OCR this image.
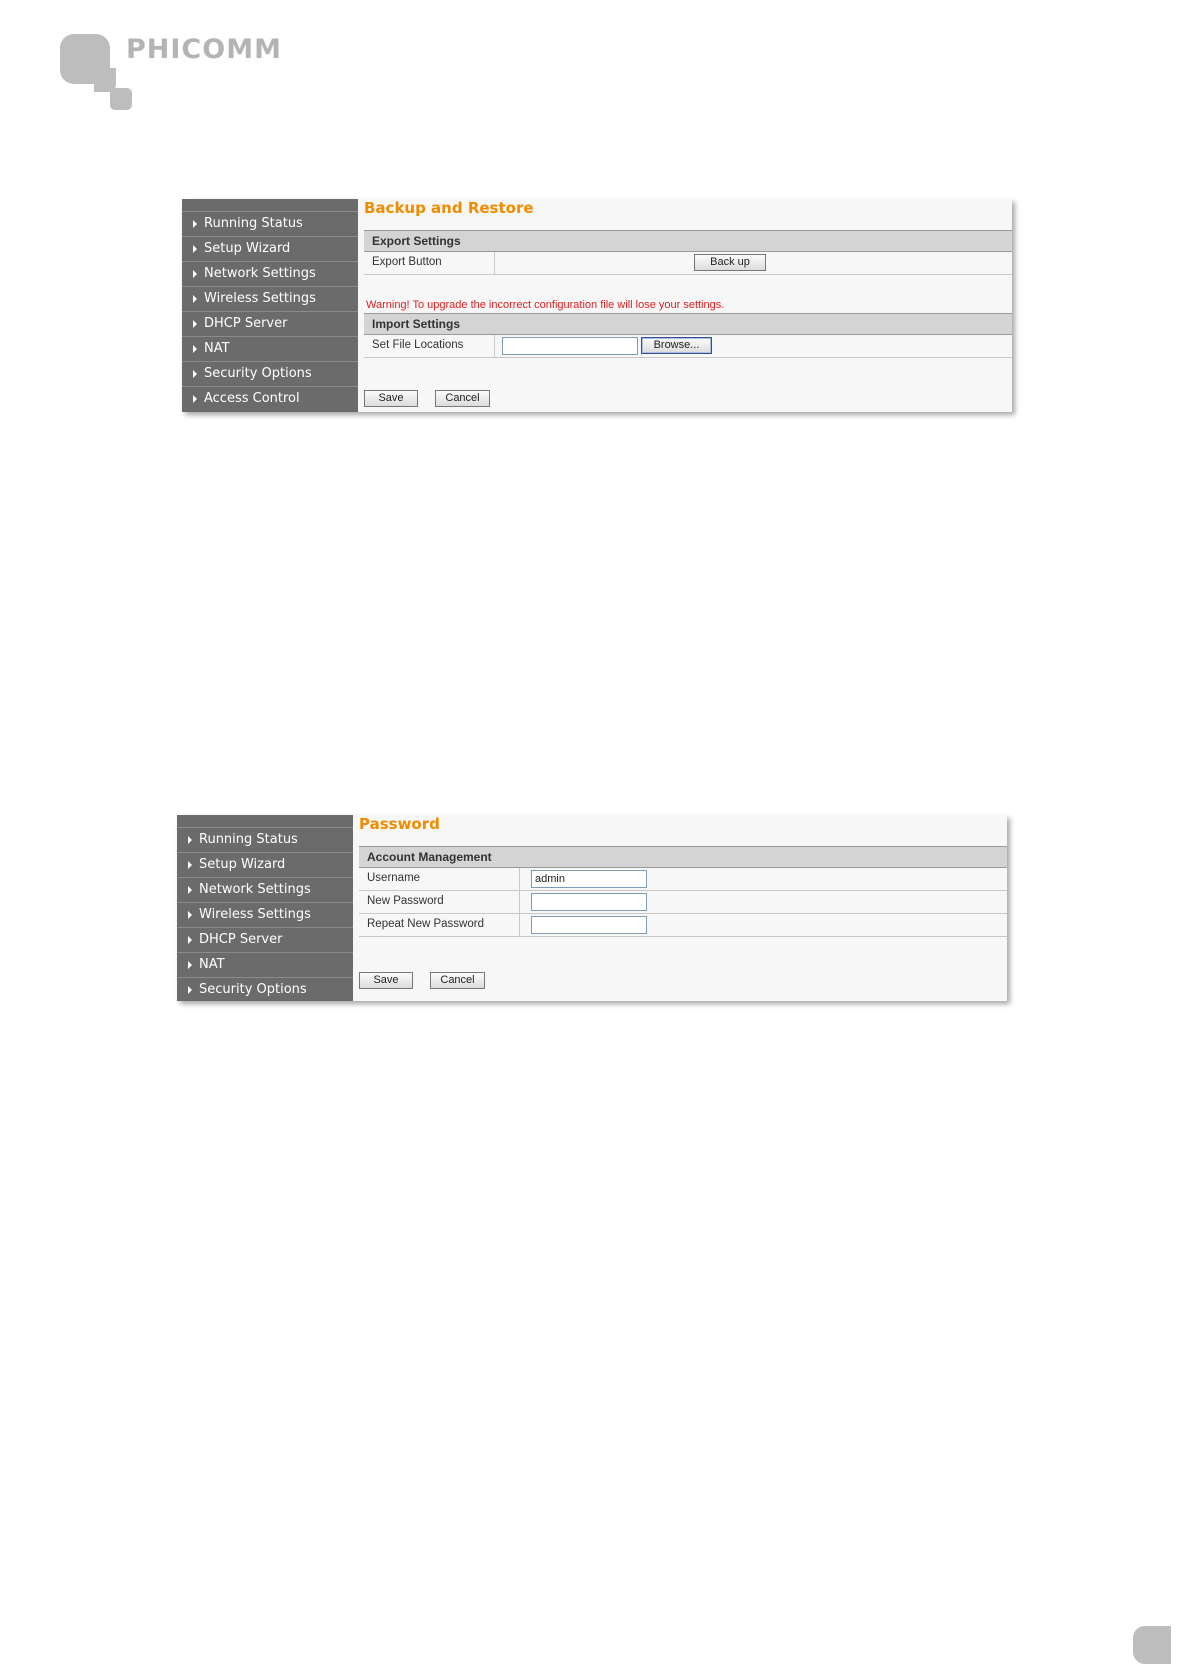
PHICOMM
Running Status
Setup Wizard
Network Settings
Wireless Settings
DHCP Server
NAT
Security Options
Access Control
Backup and Restore
Export Settings
Export Button	Back up
Warning! To upgrade the incorrect configuration file will lose your settings.
Import Settings
Set File Locations	Browse...
Save	Cancel
Running Status
Setup Wizard
Network Settings
Wireless Settings
DHCP Server
NAT
Security Options
Password
Account Management
Username	admin
New Password
Repeat New Password
Save	Cancel
